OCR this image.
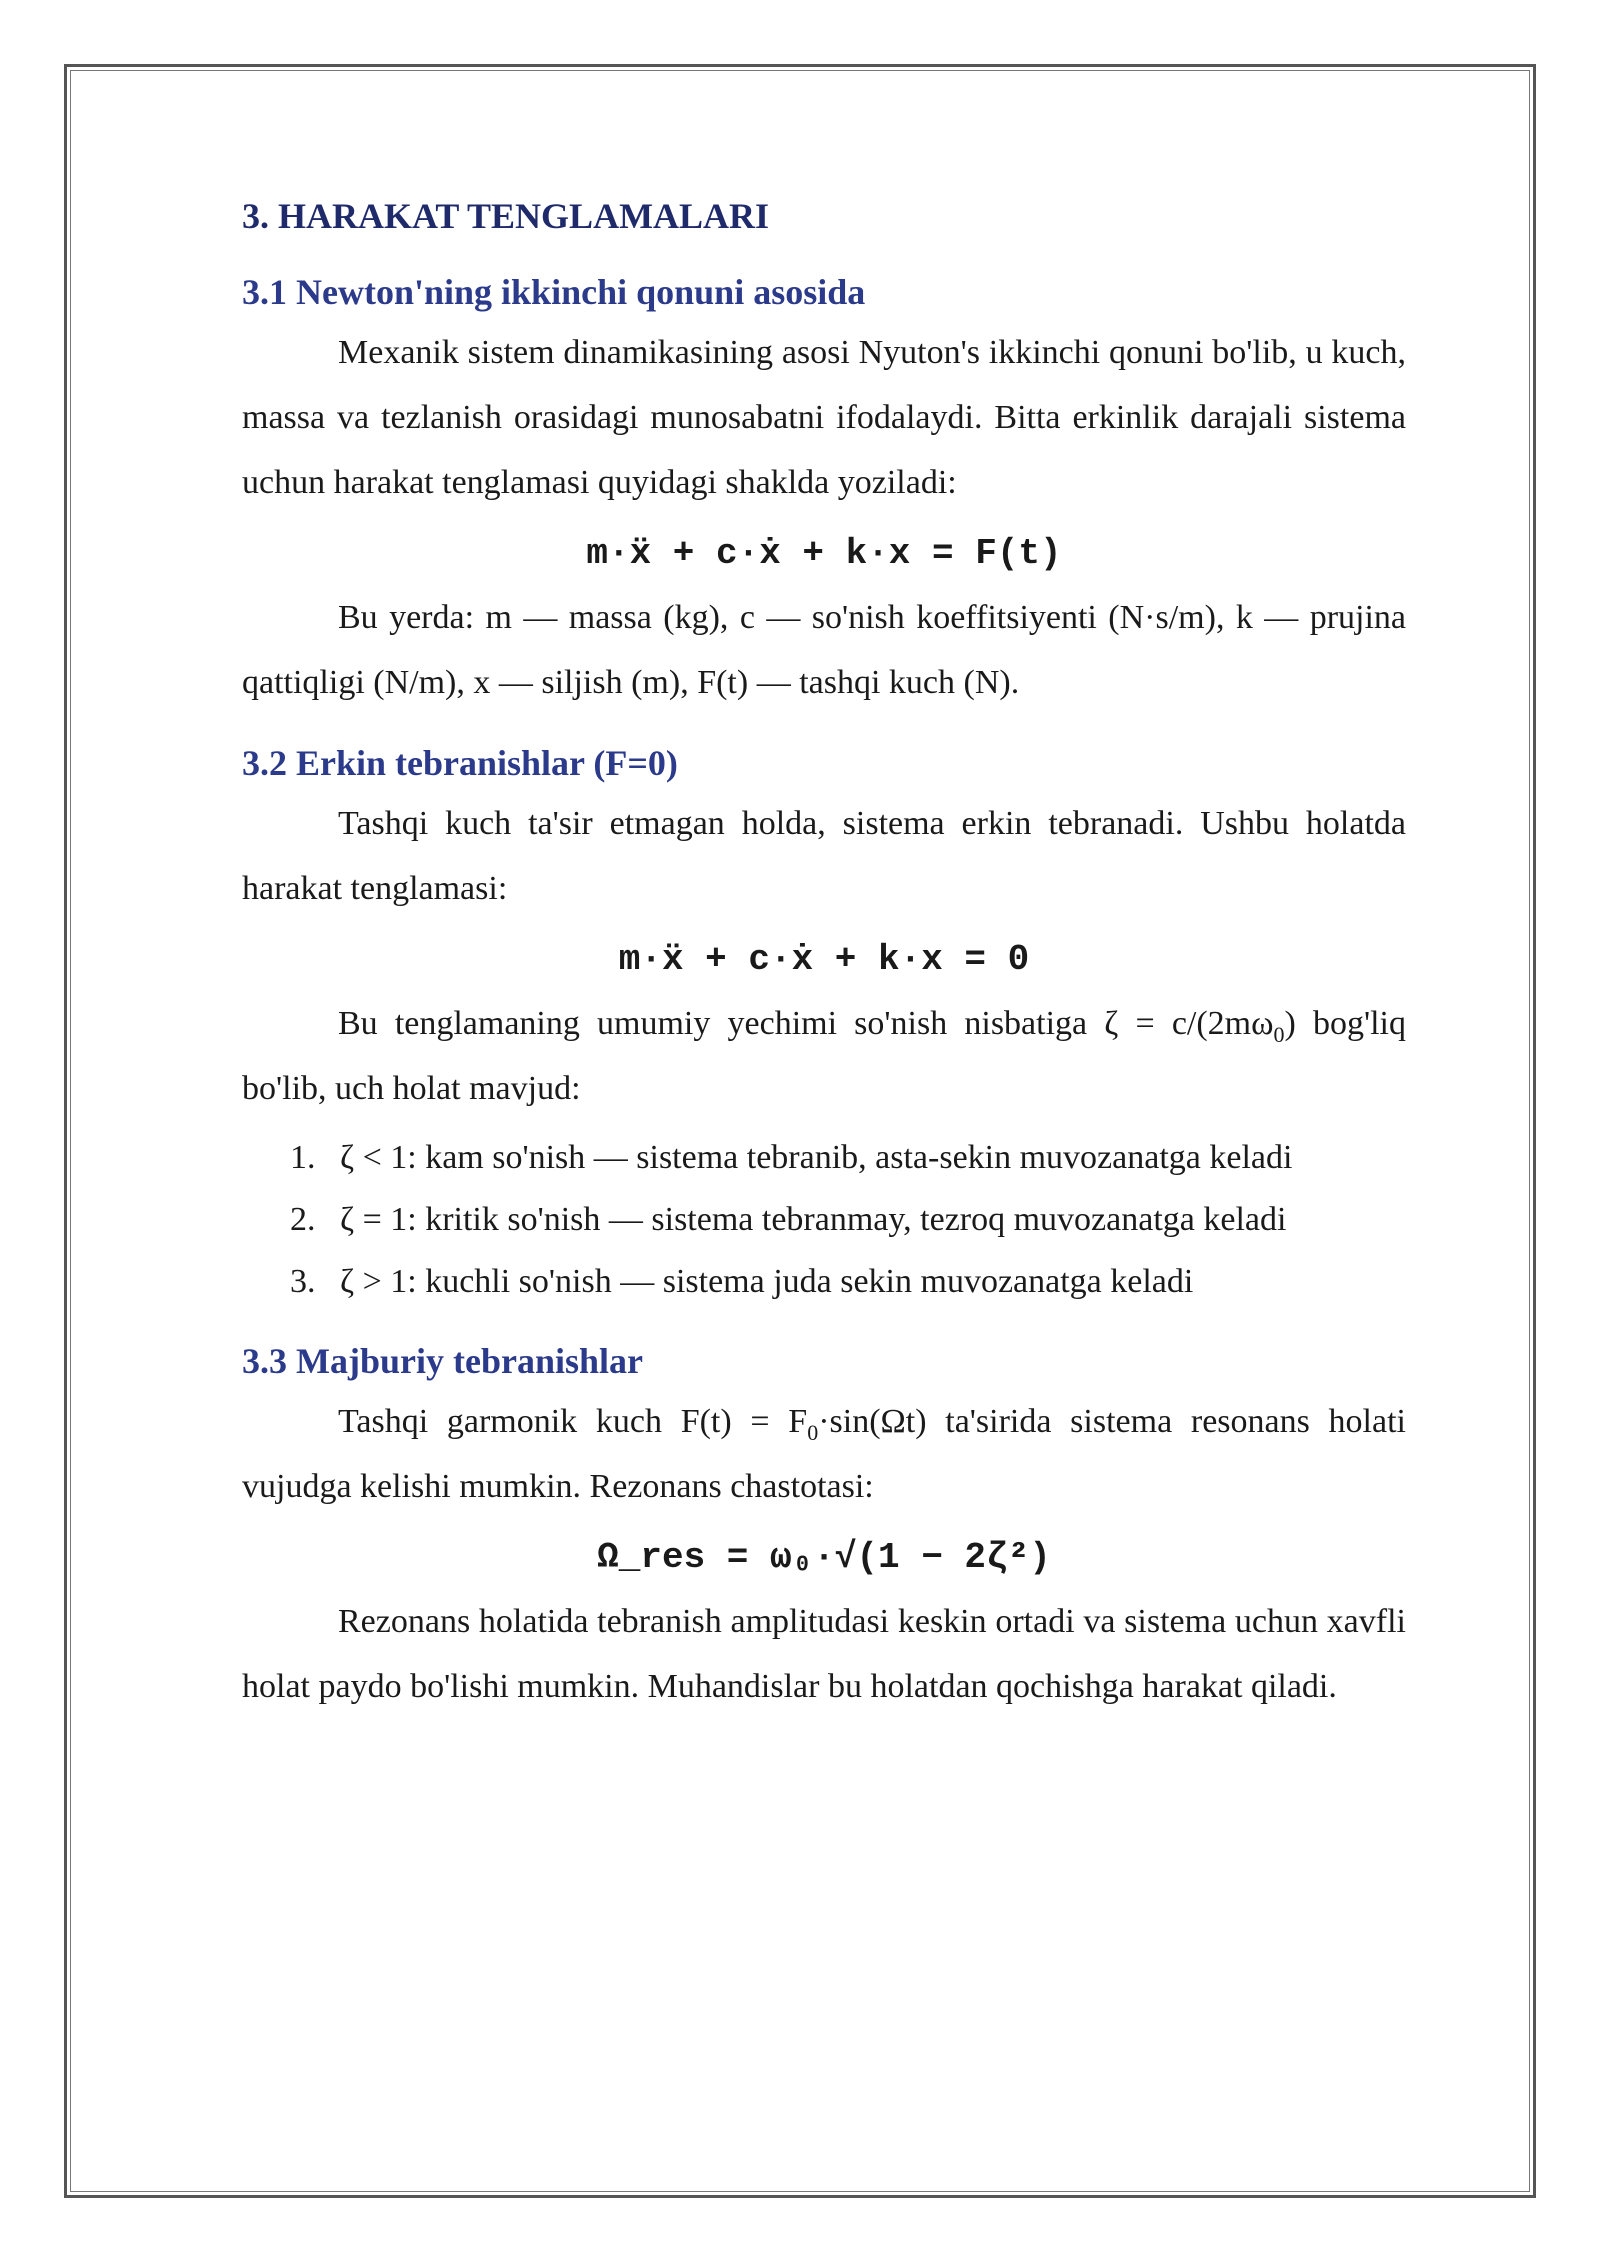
3. HARAKAT TENGLAMALARI
3.1 Newton'ning ikkinchi qonuni asosida

Mexanik sistem dinamikasining asosi Nyuton's ikkinchi qonuni bo'lib, u kuch, massa va tezlanish orasidagi munosabatni ifodalaydi. Bitta erkinlik darajali sistema uchun harakat tenglamasi quyidagi shaklda yoziladi:

m·ẍ + c·ẋ + k·x = F(t)

Bu yerda: m — massa (kg), c — so'nish koeffitsiyenti (N·s/m), k — prujina qattiqligi (N/m), x — siljish (m), F(t) — tashqi kuch (N).

3.2 Erkin tebranishlar (F=0)

Tashqi kuch ta'sir etmagan holda, sistema erkin tebranadi. Ushbu holatda harakat tenglamasi:

m·ẍ + c·ẋ + k·x = 0

Bu tenglamaning umumiy yechimi so'nish nisbatiga $\zeta = c/(2m\omega_0)$ bog'liq bo'lib, uch holat mavjud:

1. ζ < 1: kam so'nish — sistema tebranib, asta-sekin muvozanatga keladi
2. ζ = 1: kritik so'nish — sistema tebranmay, tezroq muvozanatga keladi
3. ζ > 1: kuchli so'nish — sistema juda sekin muvozanatga keladi
3.3 Majburiy tebranishlar

Tashqi garmonik kuch $F(t) = F_0\cdot\sin(\Omega t)$ ta'sirida sistema resonans holati vujudga kelishi mumkin. Rezonans chastotasi:

Ω_res = ω₀·√(1 − 2ζ²)

Rezonans holatida tebranish amplitudasi keskin ortadi va sistema uchun xavfli holat paydo bo'lishi mumkin. Muhandislar bu holatdan qochishga harakat qiladi.
